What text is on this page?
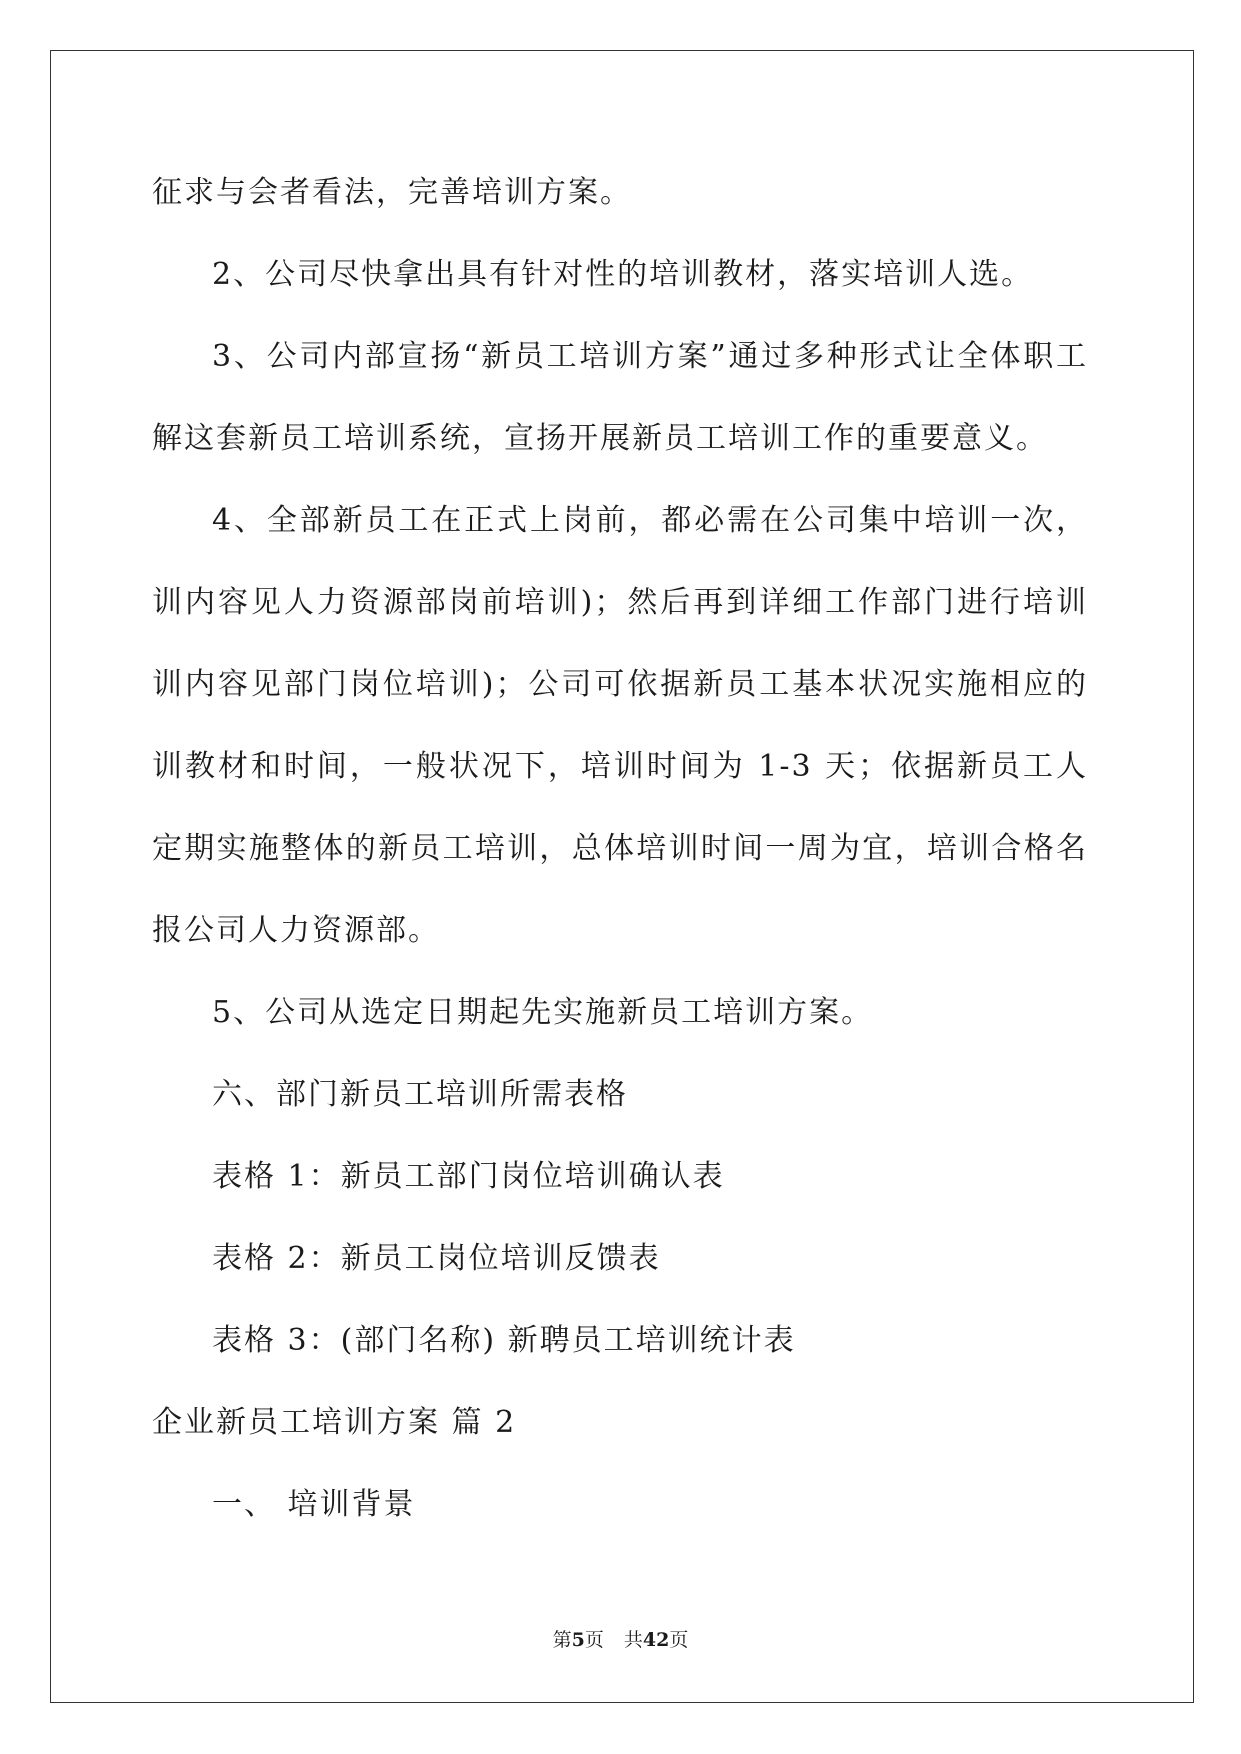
征求与会者看法，完善培训方案。
2、公司尽快拿出具有针对性的培训教材，落实培训人选。
3、公司内部宣扬“新员工培训方案”通过多种形式让全体职工
解这套新员工培训系统，宣扬开展新员工培训工作的重要意义。
4、全部新员工在正式上岗前，都必需在公司集中培训一次，
训内容见人力资源部岗前培训)；然后再到详细工作部门进行培训
训内容见部门岗位培训)；公司可依据新员工基本状况实施相应的
训教材和时间，一般状况下，培训时间为 1-3 天；依据新员工人
定期实施整体的新员工培训，总体培训时间一周为宜，培训合格名
报公司人力资源部。
5、公司从选定日期起先实施新员工培训方案。
六、部门新员工培训所需表格
表格 1：新员工部门岗位培训确认表
表格 2：新员工岗位培训反馈表
表格 3：(部门名称) 新聘员工培训统计表
企业新员工培训方案 篇 2
一、 培训背景
第5页 共42页
